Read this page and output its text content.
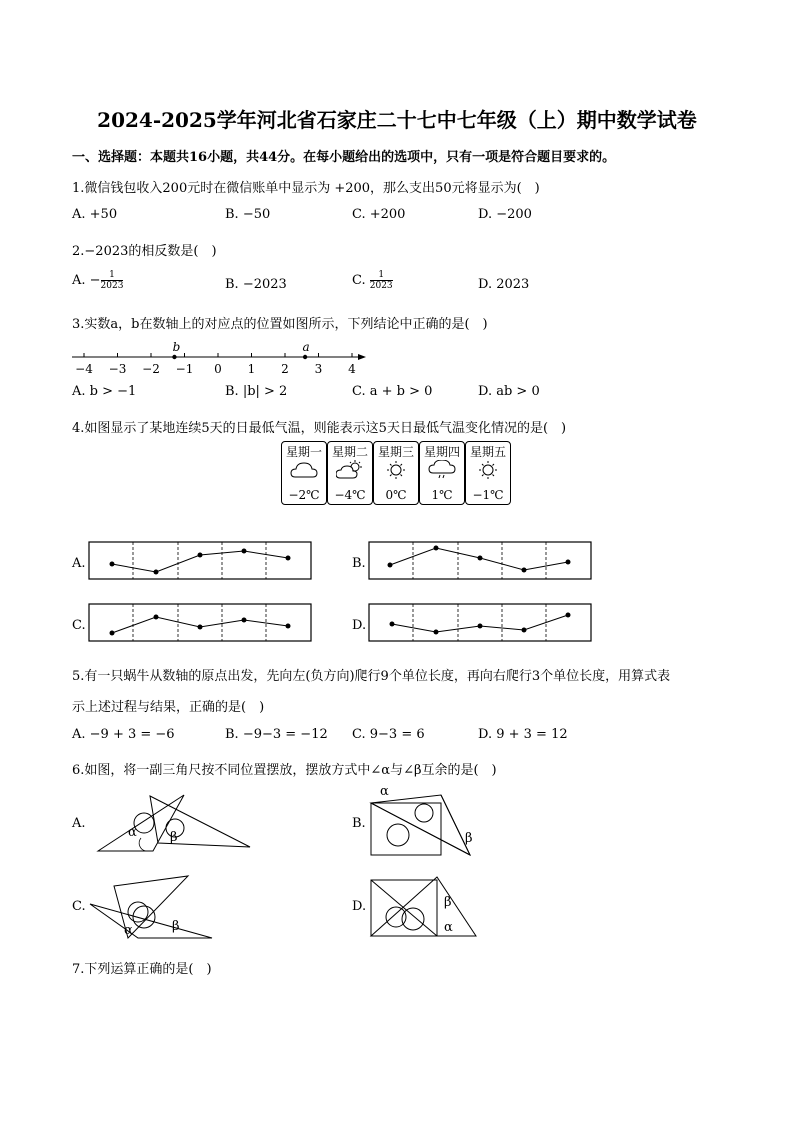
2024-2025学年河北省石家庄二十七中七年级（上）期中数学试卷
一、选择题：本题共16小题，共44分。在每小题给出的选项中，只有一项是符合题目要求的。
1.微信钱包收入200元时在微信账单中显示为 +200，那么支出50元将显示为(　)
A. +50	B. −50	C. +200	D. −200
2.−2023的相反数是(　)
A. − $\frac{1}{2023}$	B. −2023	C. $\frac{1}{2023}$	D. 2023
3.实数a，b在数轴上的对应点的位置如图所示，下列结论中正确的是(　)
−4 −3 −2 −1 0 1 2 3 4
b	a
A. b > −1	B. |b| > 2	C. a + b > 0	D. ab > 0
4.如图显示了某地连续5天的日最低气温，则能表示这5天日最低气温变化情况的是(　)
星期一
−2℃
星期二
−4℃
星期三
0℃
星期四
1℃
星期五
−1℃
A.	B.
C.	D.
5.有一只蜗牛从数轴的原点出发，先向左(负方向)爬行9个单位长度，再向右爬行3个单位长度，用算式表
示上述过程与结果，正确的是(　)
A. −9 + 3 = −6	B. −9−3 = −12 C. 9−3 = 6	D. 9 + 3 = 12
6.如图，将一副三角尺按不同位置摆放，摆放方式中∠α与∠β互余的是(　)
A.
α	β
B.
α
β
C.
α	β
D.	β
α
7.下列运算正确的是(　)
